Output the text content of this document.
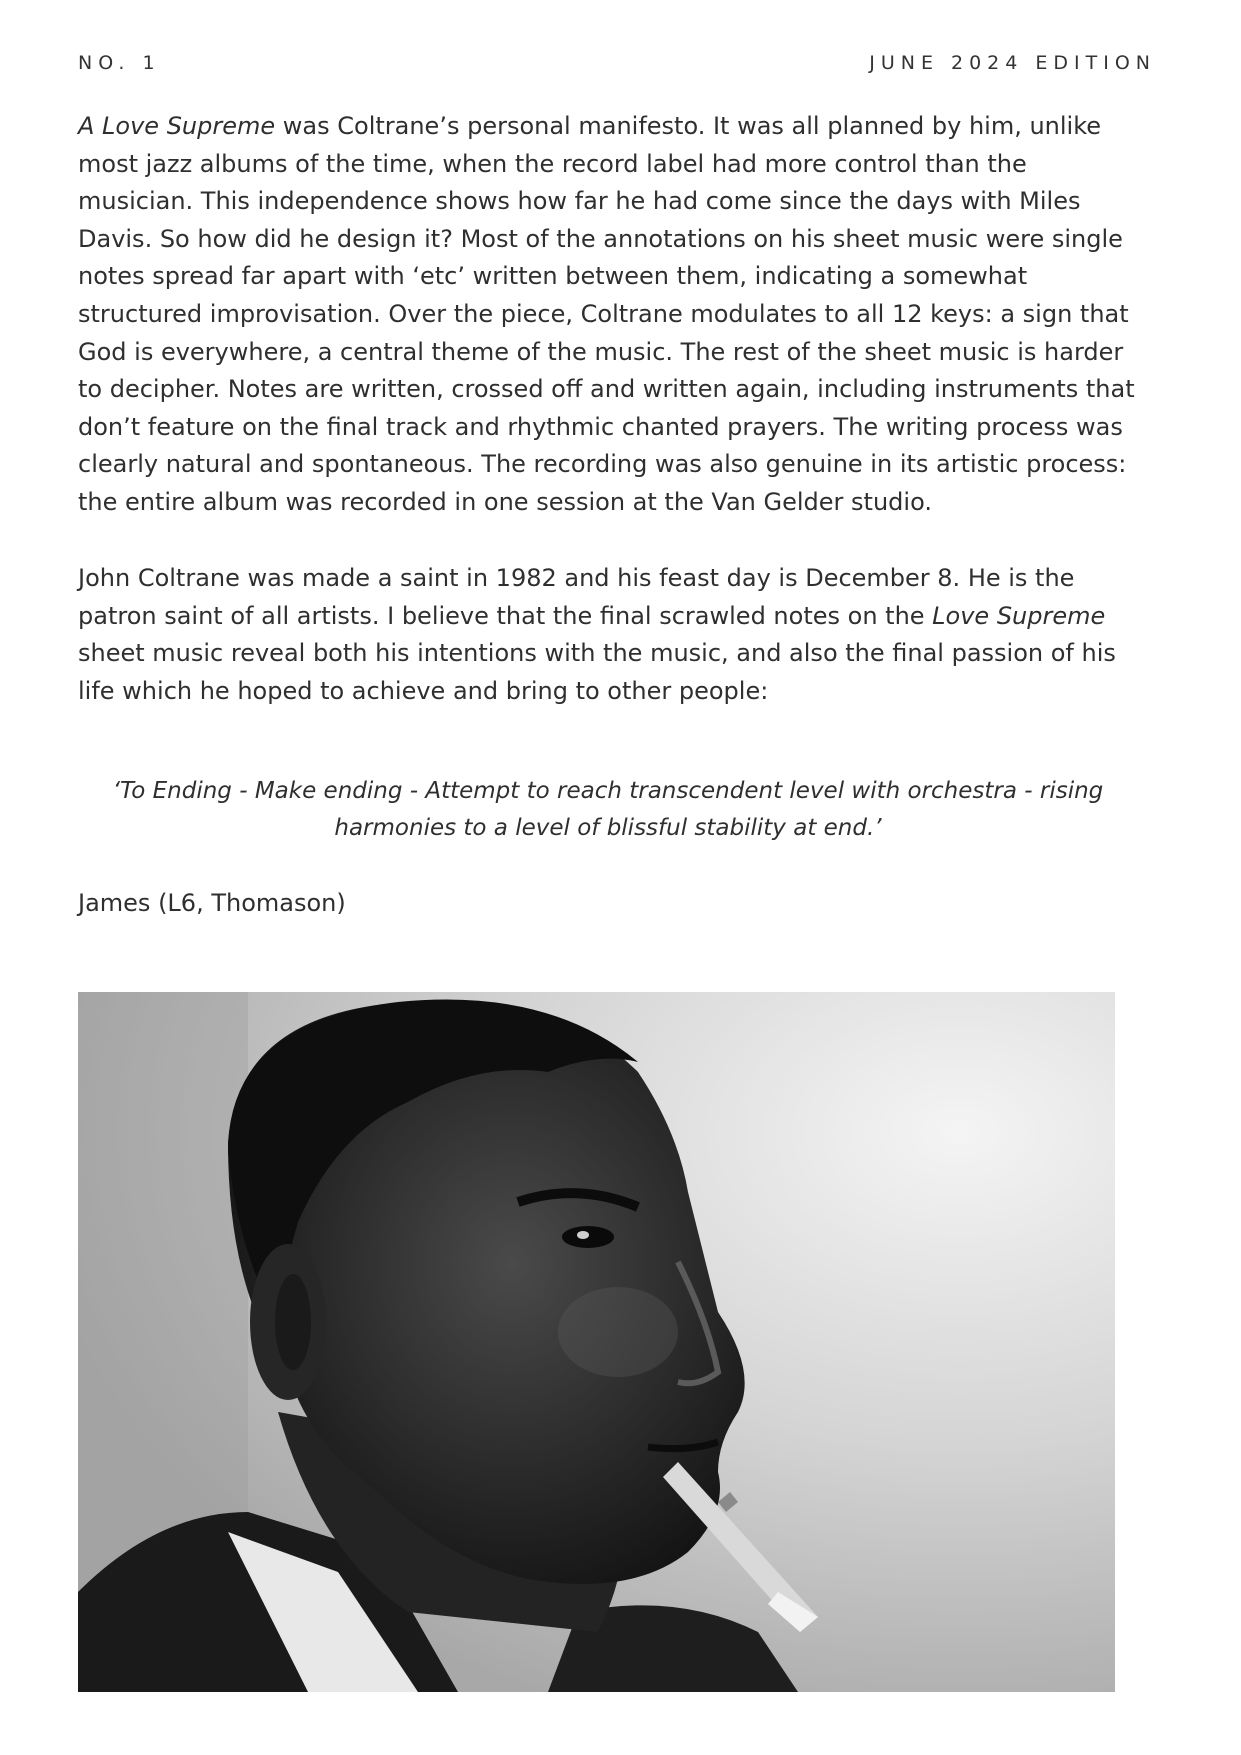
NO. 1	JUNE 2024 EDITION
A Love Supreme was Coltrane’s personal manifesto. It was all planned by him, unlike most jazz albums of the time, when the record label had more control than the musician. This independence shows how far he had come since the days with Miles Davis. So how did he design it? Most of the annotations on his sheet music were single notes spread far apart with ‘etc’ written between them, indicating a somewhat structured improvisation. Over the piece, Coltrane modulates to all 12 keys: a sign that God is everywhere, a central theme of the music. The rest of the sheet music is harder to decipher. Notes are written, crossed off and written again, including instruments that don’t feature on the final track and rhythmic chanted prayers. The writing process was clearly natural and spontaneous. The recording was also genuine in its artistic process: the entire album was recorded in one session at the Van Gelder studio.
John Coltrane was made a saint in 1982 and his feast day is December 8. He is the patron saint of all artists. I believe that the final scrawled notes on the Love Supreme sheet music reveal both his intentions with the music, and also the final passion of his life which he hoped to achieve and bring to other people:
‘To Ending - Make ending - Attempt to reach transcendent level with orchestra - rising harmonies to a level of blissful stability at end.’
James (L6, Thomason)
